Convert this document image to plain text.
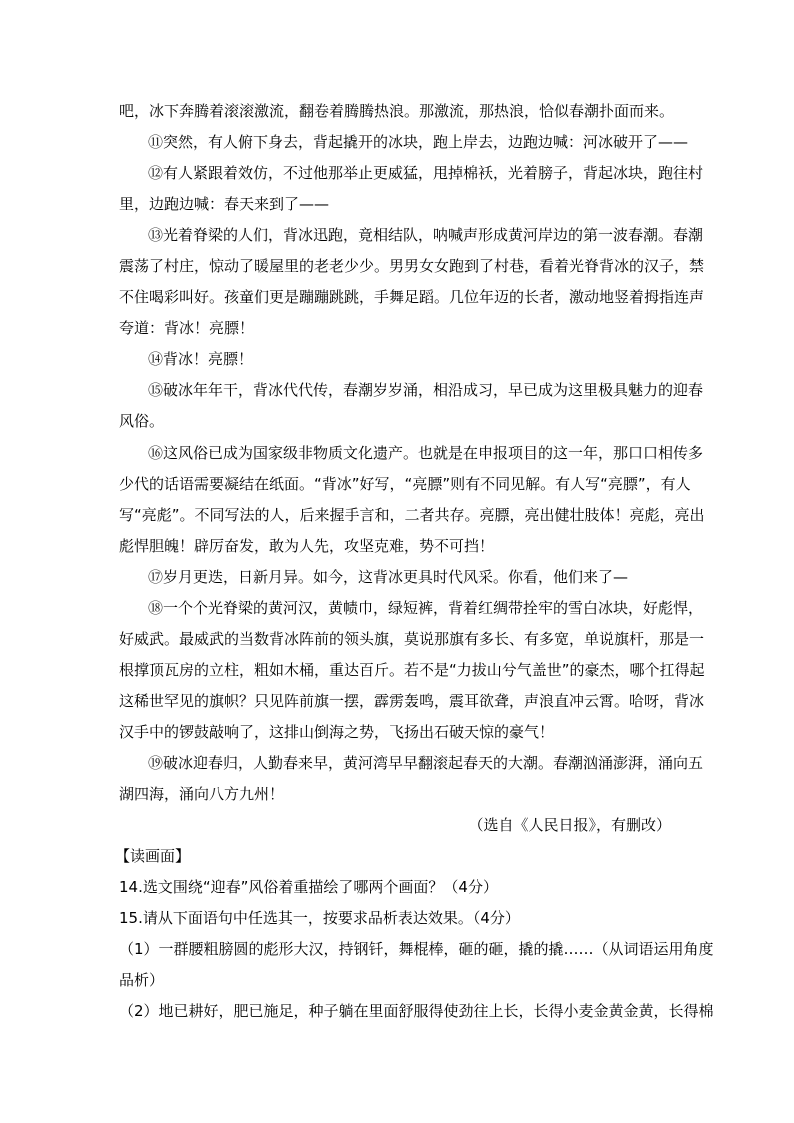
吧，冰下奔腾着滚滚激流，翻卷着腾腾热浪。那激流，那热浪，恰似春潮扑面而来。
⑪突然，有人俯下身去，背起撬开的冰块，跑上岸去，边跑边喊：河冰破开了——
⑫有人紧跟着效仿，不过他那举止更威猛，甩掉棉袄，光着膀子，背起冰块，跑往村
里，边跑边喊：春天来到了——
⑬光着脊梁的人们，背冰迅跑，竟相结队，呐喊声形成黄河岸边的第一波春潮。春潮
震荡了村庄，惊动了暖屋里的老老少少。男男女女跑到了村巷，看着光脊背冰的汉子，禁
不住喝彩叫好。孩童们更是蹦蹦跳跳，手舞足蹈。几位年迈的长者，激动地竖着拇指连声
夸道：背冰！亮膘！
⑭背冰！亮膘！
⑮破冰年年干，背冰代代传，春潮岁岁涌，相沿成习，早已成为这里极具魅力的迎春
风俗。
⑯这风俗已成为国家级非物质文化遗产。也就是在申报项目的这一年，那口口相传多
少代的话语需要凝结在纸面。“背冰”好写，“亮膘”则有不同见解。有人写“亮膘”，有人
写“亮彪”。不同写法的人，后来握手言和，二者共存。亮膘，亮出健壮肢体！亮彪，亮出
彪悍胆魄！辟厉奋发，敢为人先，攻坚克难，势不可挡！
⑰岁月更迭，日新月异。如今，这背冰更具时代风采。你看，他们来了—
⑱一个个光脊梁的黄河汉，黄帻巾，绿短裤，背着红绸带拴牢的雪白冰块，好彪悍，
好威武。最威武的当数背冰阵前的领头旗，莫说那旗有多长、有多宽，单说旗杆，那是一
根撑顶瓦房的立柱，粗如木桶，重达百斤。若不是“力拔山兮气盖世”的豪杰，哪个扛得起
这稀世罕见的旗帜？只见阵前旗一摆，霹雳轰鸣，震耳欲聋，声浪直冲云霄。哈呀，背冰
汉手中的锣鼓敲响了，这排山倒海之势，飞扬出石破天惊的豪气！
⑲破冰迎春归，人勤春来早，黄河湾早早翻滚起春天的大潮。春潮汹涌澎湃，涌向五
湖四海，涌向八方九州！
（选自《人民日报》，有删改）
【读画面】
14.选文围绕“迎春”风俗着重描绘了哪两个画面？（4分）
15.请从下面语句中任选其一，按要求品析表达效果。（4分）
（1）一群腰粗膀圆的彪形大汉，持钢钎，舞棍棒，砸的砸，撬的撬……（从词语运用角度
品析）
（2）地已耕好，肥已施足，种子躺在里面舒服得使劲往上长，长得小麦金黄金黄，长得棉
